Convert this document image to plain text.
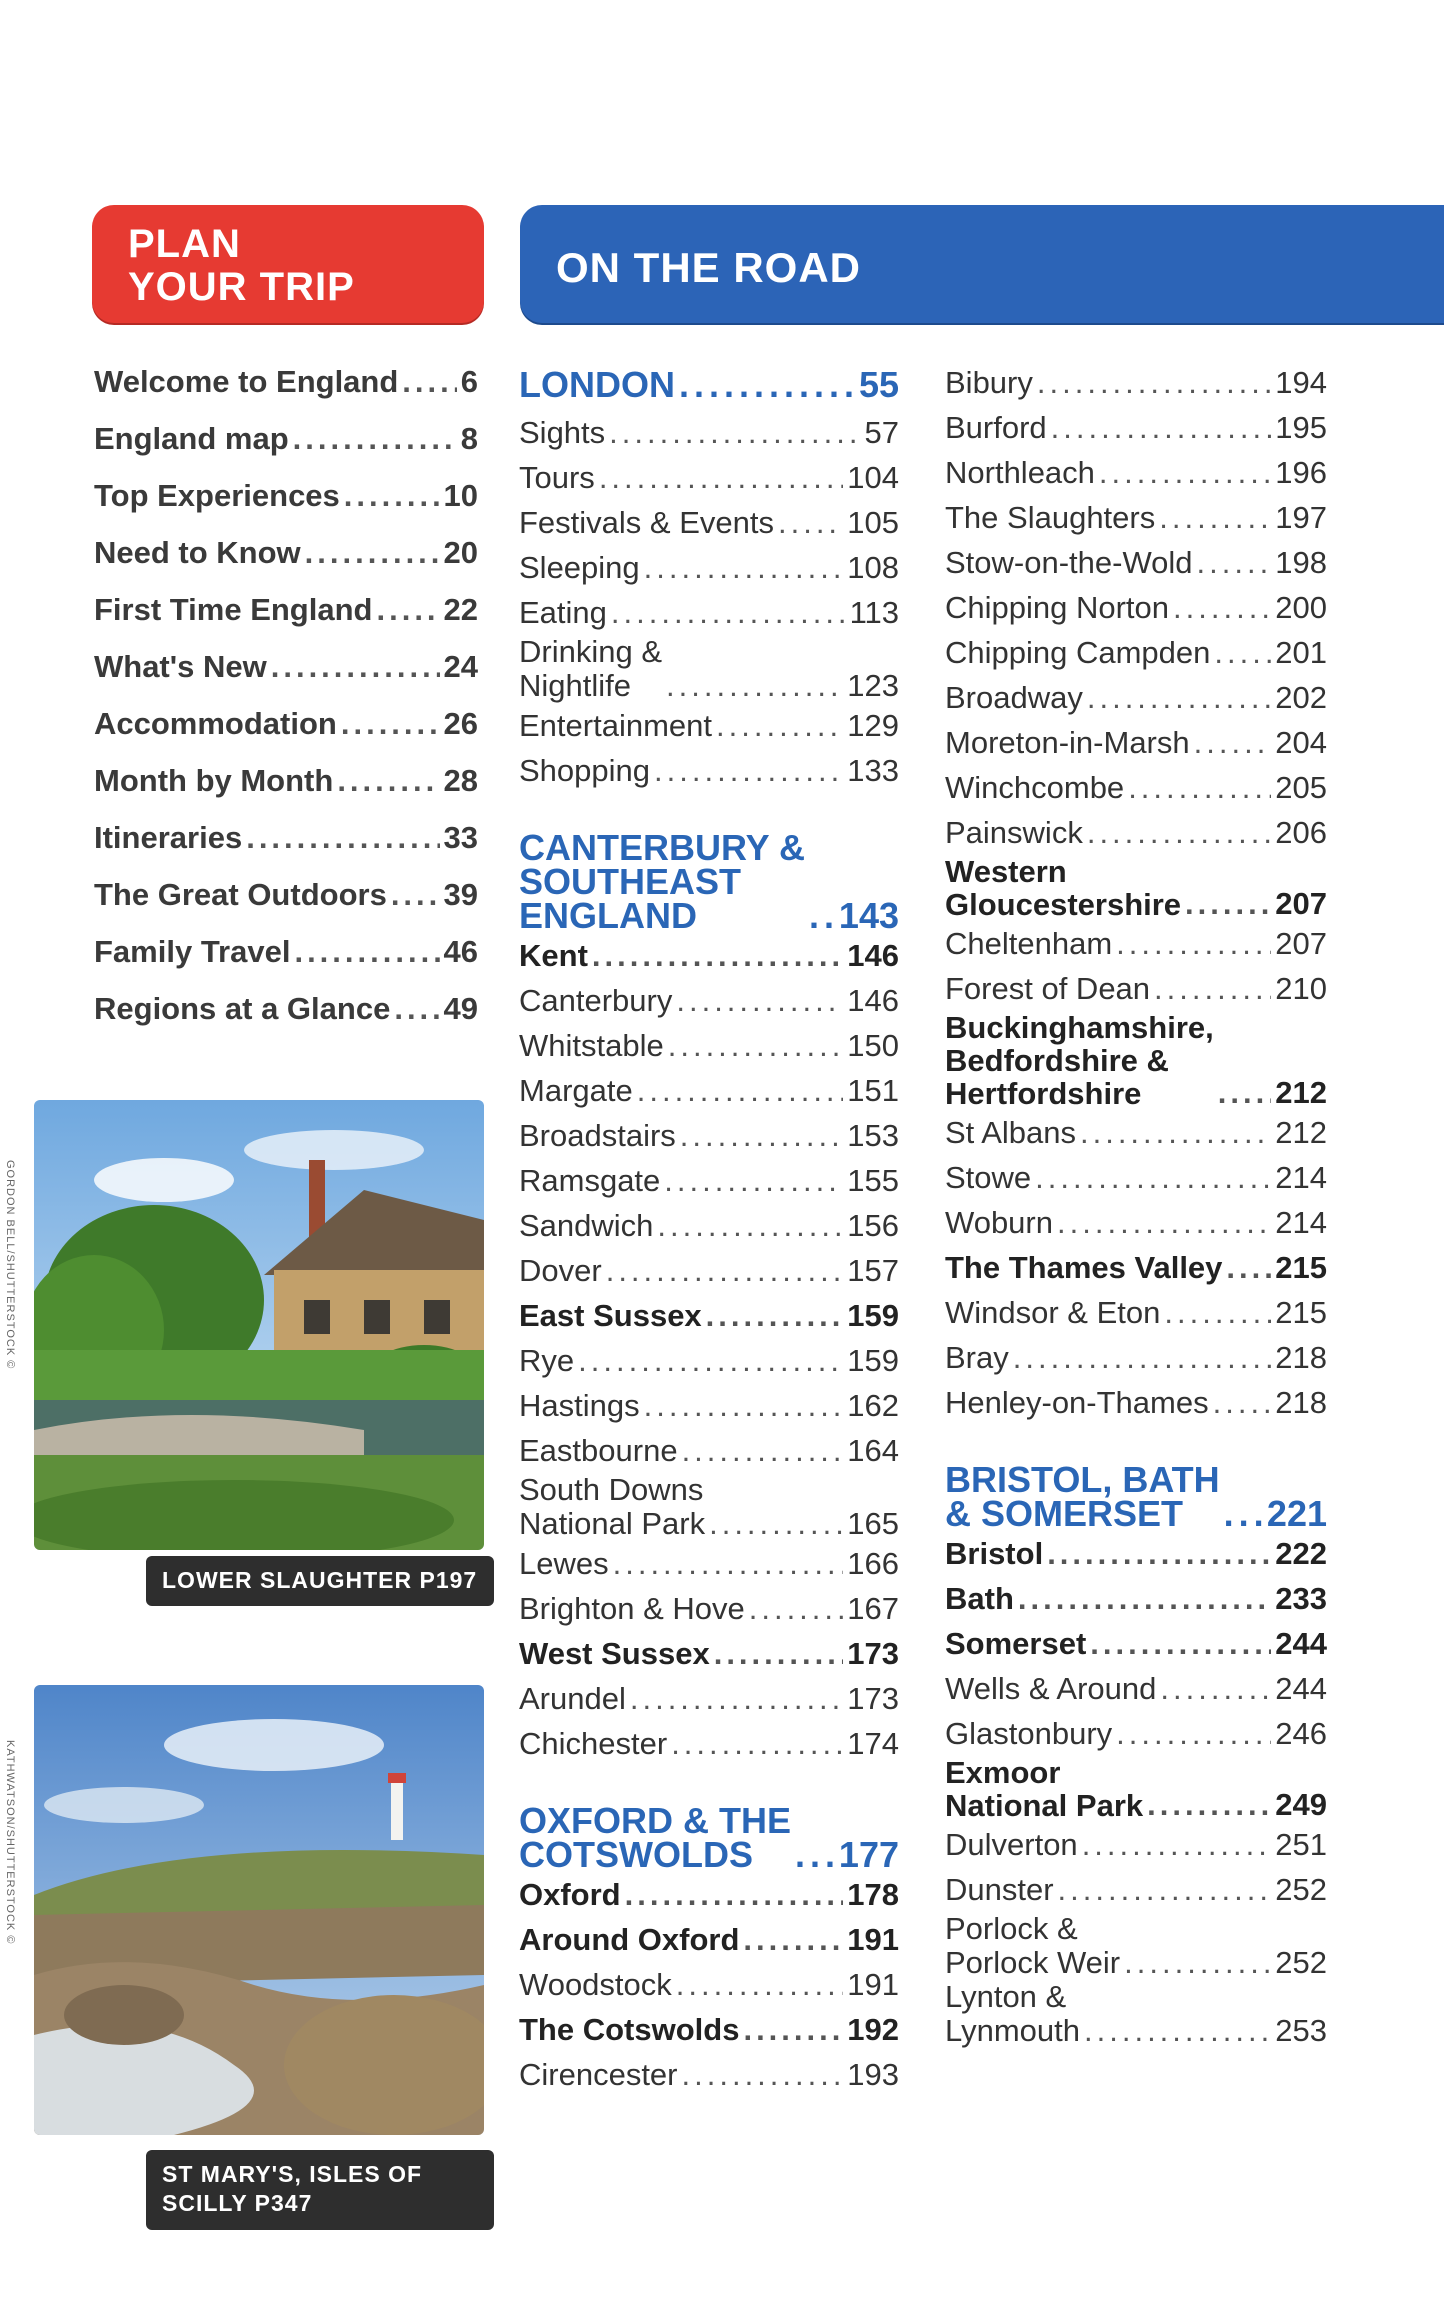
PLAN
YOUR TRIP	ON THE ROAD
Welcome to England ..... 6
England map .....	8
Top Experiences .....	10
Need to Know .....	20
First Time England ..... 22
What's New .....	24
Accommodation .....	26
Month by Month .....	28
Itineraries .....	33
The Great Outdoors ..... 39
Family Travel .....	46
Regions at a Glance ..... 49
GORDON BELL/SHUTTERSTOCK ©
LOWER SLAUGHTER P197
KATHWATSON/SHUTTERSTOCK ©
ST MARY'S, ISLES OF
SCILLY P347
LONDON .....	55
Sights .....	57
Tours .....	104
Festivals & Events ..... 105
Sleeping .....	108
Eating .....	113
Drinking &
Nightlife .....	123
Entertainment .....	129
Shopping .....	133
CANTERBURY &
SOUTHEAST
ENGLAND .....	143
Kent .....	146
Canterbury .....	146
Whitstable .....	150
Margate .....	151
Broadstairs .....	153
Ramsgate .....	155
Sandwich .....	156
Dover .....	157
East Sussex .....	159
Rye .....	159
Hastings .....	162
Eastbourne .....	164
South Downs
National Park .....	165
Lewes .....	166
Brighton & Hove .....	167
West Sussex .....	173
Arundel .....	173
Chichester .....	174
OXFORD & THE
COTSWOLDS .....	177
Oxford .....	178
Around Oxford .....	191
Woodstock .....	191
The Cotswolds .....	192
Cirencester .....	193
Bibury .....	194
Burford .....	195
Northleach .....	196
The Slaughters .....	197
Stow-on-the-Wold .....	198
Chipping Norton .....	200
Chipping Campden ..... 201
Broadway .....	202
Moreton-in-Marsh .....	204
Winchcombe .....	205
Painswick .....	206
Western
Gloucestershire .....	207
Cheltenham .....	207
Forest of Dean .....	210
Buckinghamshire,
Bedfordshire &
Hertfordshire .....	212
St Albans .....	212
Stowe .....	214
Woburn .....	214
The Thames Valley ..... 215
Windsor & Eton .....	215
Bray .....	218
Henley-on-Thames ..... 218
BRISTOL, BATH
& SOMERSET .....	221
Bristol .....	222
Bath .....	233
Somerset .....	244
Wells & Around .....	244
Glastonbury .....	246
Exmoor
National Park .....	249
Dulverton .....	251
Dunster .....	252
Porlock &
Porlock Weir .....	252
Lynton &
Lynmouth .....	253
